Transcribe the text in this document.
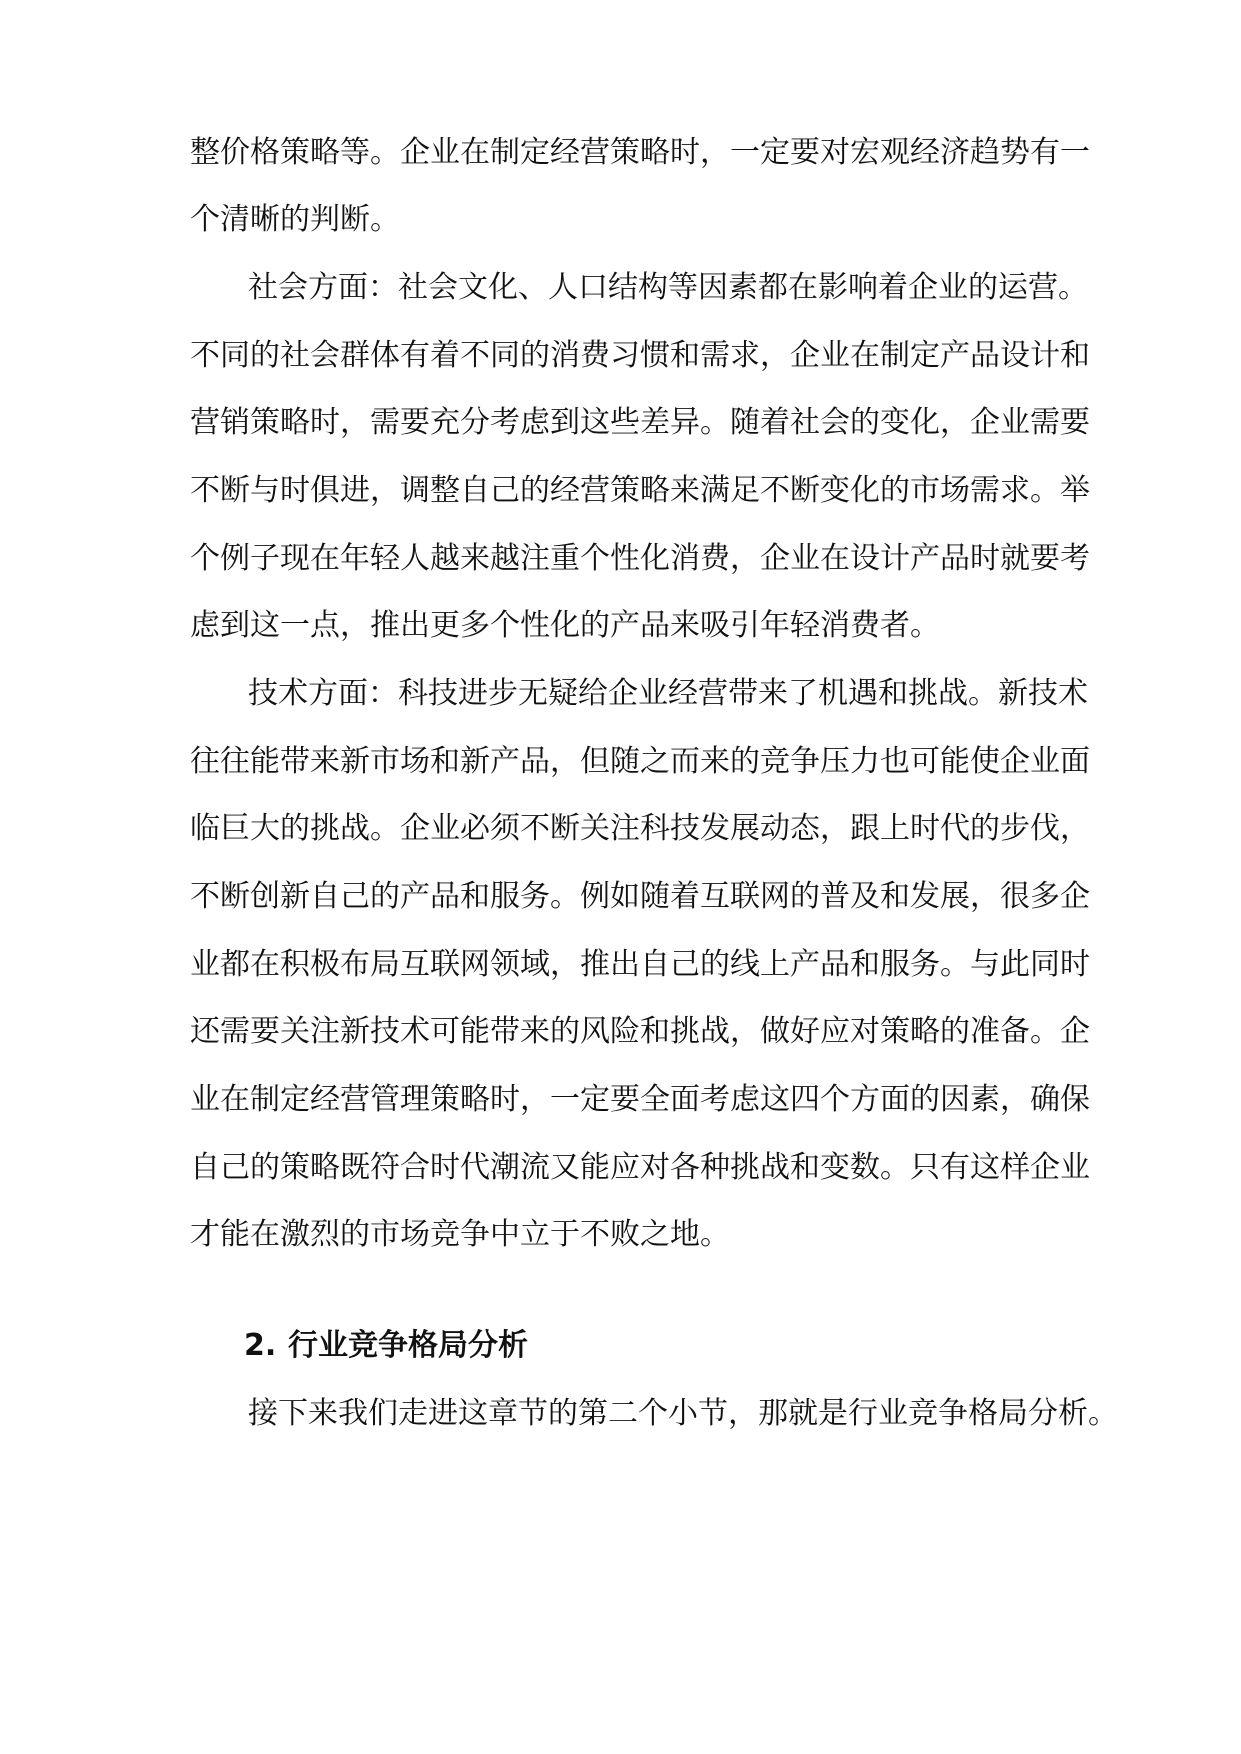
整价格策略等。企业在制定经营策略时，一定要对宏观经济趋势有一
个清晰的判断。
社会方面：社会文化、人口结构等因素都在影响着企业的运营。
不同的社会群体有着不同的消费习惯和需求，企业在制定产品设计和
营销策略时，需要充分考虑到这些差异。随着社会的变化，企业需要
不断与时俱进，调整自己的经营策略来满足不断变化的市场需求。举
个例子现在年轻人越来越注重个性化消费，企业在设计产品时就要考
虑到这一点，推出更多个性化的产品来吸引年轻消费者。
技术方面：科技进步无疑给企业经营带来了机遇和挑战。新技术
往往能带来新市场和新产品，但随之而来的竞争压力也可能使企业面
临巨大的挑战。企业必须不断关注科技发展动态，跟上时代的步伐，
不断创新自己的产品和服务。例如随着互联网的普及和发展，很多企
业都在积极布局互联网领域，推出自己的线上产品和服务。与此同时
还需要关注新技术可能带来的风险和挑战，做好应对策略的准备。企
业在制定经营管理策略时，一定要全面考虑这四个方面的因素，确保
自己的策略既符合时代潮流又能应对各种挑战和变数。只有这样企业
才能在激烈的市场竞争中立于不败之地。
2. 行业竞争格局分析
接下来我们走进这章节的第二个小节，那就是行业竞争格局分析。
